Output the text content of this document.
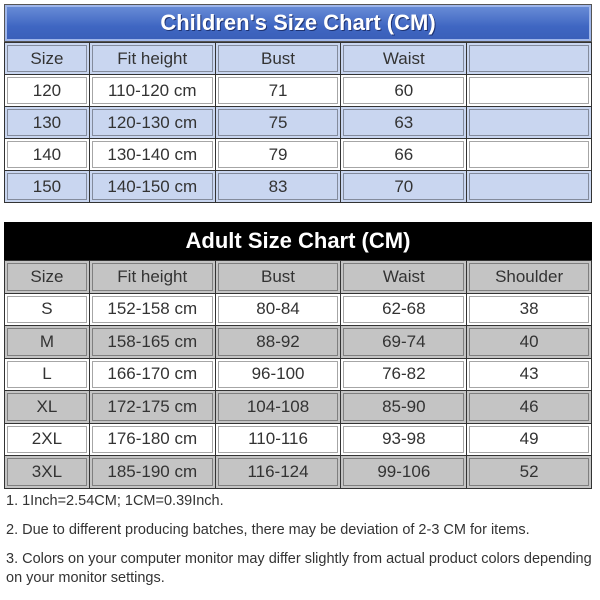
Children's Size Chart (CM)
Size	Fit height	Bust	Waist
120	110-120 cm	71	60
130	120-130 cm	75	63
140	130-140 cm	79	66
150	140-150 cm	83	70
Adult Size Chart (CM)
Size	Fit height	Bust	Waist	Shoulder
S	152-158 cm	80-84	62-68	38
M	158-165 cm	88-92	69-74	40
L	166-170 cm	96-100	76-82	43
XL	172-175 cm	104-108	85-90	46
2XL	176-180 cm	110-116	93-98	49
3XL	185-190 cm	116-124	99-106	52

1. 1Inch=2.54CM; 1CM=0.39Inch.

2. Due to different producing batches, there may be deviation of 2-3 CM for items.

3. Colors on your computer monitor may differ slightly from actual product colors depending on your monitor settings.
